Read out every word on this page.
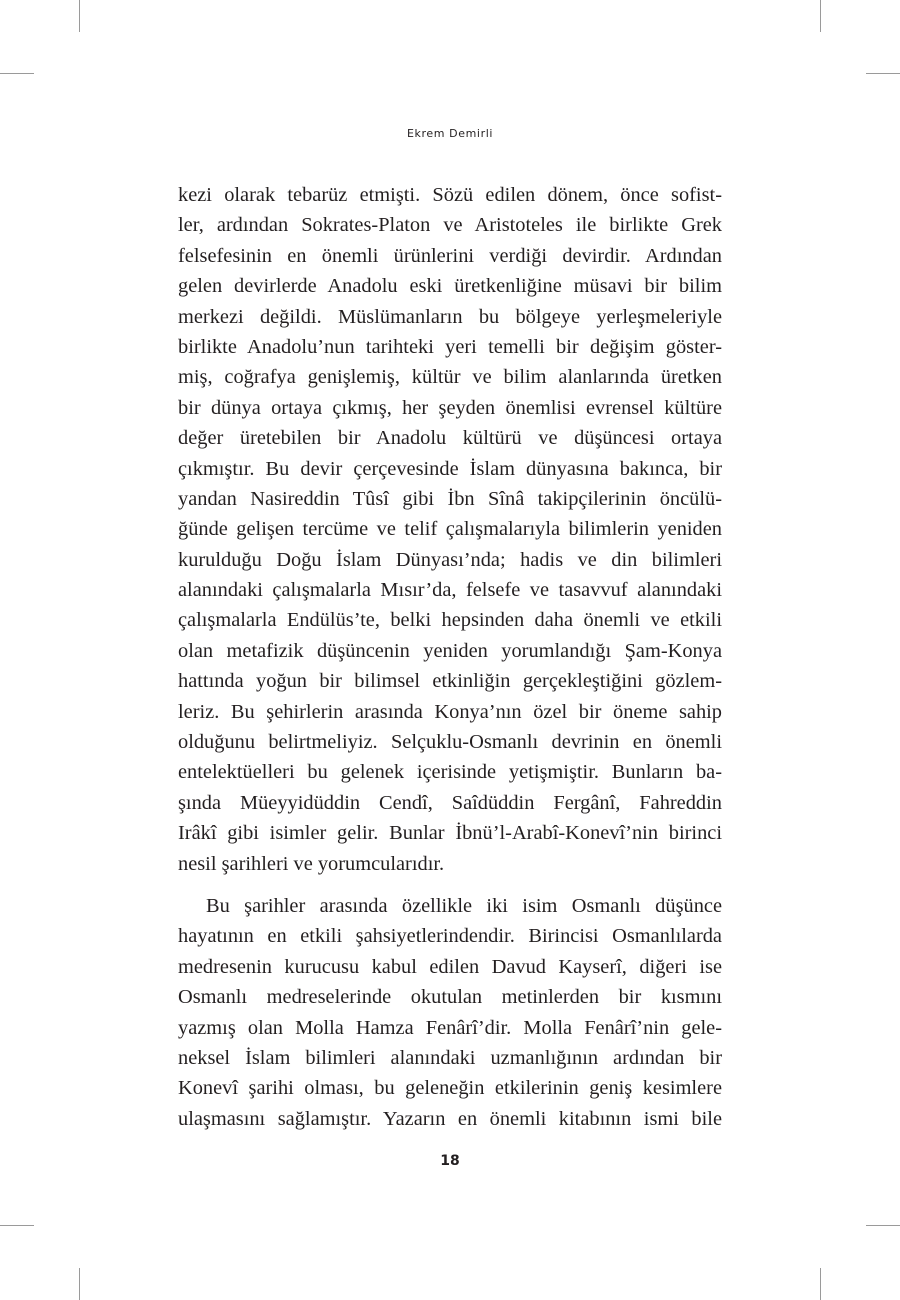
Ekrem Demirli
kezi olarak tebarüz etmişti. Sözü edilen dönem, önce sofist-
ler, ardından Sokrates-Platon ve Aristoteles ile birlikte Grek
felsefesinin en önemli ürünlerini verdiği devirdir. Ardından
gelen devirlerde Anadolu eski üretkenliğine müsavi bir bilim
merkezi değildi. Müslümanların bu bölgeye yerleşmeleriyle
birlikte Anadolu’nun tarihteki yeri temelli bir değişim göster-
miş, coğrafya genişlemiş, kültür ve bilim alanlarında üretken
bir dünya ortaya çıkmış, her şeyden önemlisi evrensel kültüre
değer üretebilen bir Anadolu kültürü ve düşüncesi ortaya
çıkmıştır. Bu devir çerçevesinde İslam dünyasına bakınca, bir
yandan Nasireddin Tûsî gibi İbn Sînâ takipçilerinin öncülü-
ğünde gelişen tercüme ve telif çalışmalarıyla bilimlerin yeniden
kurulduğu Doğu İslam Dünyası’nda; hadis ve din bilimleri
alanındaki çalışmalarla Mısır’da, felsefe ve tasavvuf alanındaki
çalışmalarla Endülüs’te, belki hepsinden daha önemli ve etkili
olan metafizik düşüncenin yeniden yorumlandığı Şam-Konya
hattında yoğun bir bilimsel etkinliğin gerçekleştiğini gözlem-
leriz. Bu şehirlerin arasında Konya’nın özel bir öneme sahip
olduğunu belirtmeliyiz. Selçuklu-Osmanlı devrinin en önemli
entelektüelleri bu gelenek içerisinde yetişmiştir. Bunların ba-
şında Müeyyidüddin Cendî, Saîdüddin Fergânî, Fahreddin
Irâkî gibi isimler gelir. Bunlar İbnü’l-Arabî-Konevî’nin birinci
nesil şarihleri ve yorumcularıdır.
Bu şarihler arasında özellikle iki isim Osmanlı düşünce
hayatının en etkili şahsiyetlerindendir. Birincisi Osmanlılarda
medresenin kurucusu kabul edilen Davud Kayserî, diğeri ise
Osmanlı medreselerinde okutulan metinlerden bir kısmını
yazmış olan Molla Hamza Fenârî’dir. Molla Fenârî’nin gele-
neksel İslam bilimleri alanındaki uzmanlığının ardından bir
Konevî şarihi olması, bu geleneğin etkilerinin geniş kesimlere
ulaşmasını sağlamıştır. Yazarın en önemli kitabının ismi bile
18
